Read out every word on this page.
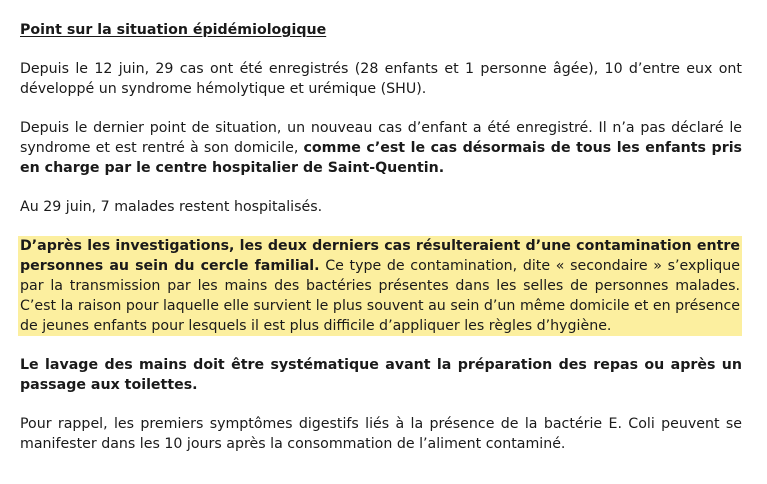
Point sur la situation épidémiologique

Depuis le 12 juin, 29 cas ont été enregistrés (28 enfants et 1 personne âgée), 10 d’entre eux ont développé un syndrome hémolytique et urémique (SHU).

Depuis le dernier point de situation, un nouveau cas d’enfant a été enregistré. Il n’a pas déclaré le syndrome et est rentré à son domicile, comme c’est le cas désormais de tous les enfants pris en charge par le centre hospitalier de Saint-Quentin.

Au 29 juin, 7 malades restent hospitalisés.

D’après les investigations, les deux derniers cas résulteraient d’une contamination entre personnes au sein du cercle familial. Ce type de contamination, dite « secondaire » s’explique par la transmission par les mains des bactéries présentes dans les selles de personnes malades. C’est la raison pour laquelle elle survient le plus souvent au sein d’un même domicile et en présence de jeunes enfants pour lesquels il est plus difficile d’appliquer les règles d’hygiène.

Le lavage des mains doit être systématique avant la préparation des repas ou après un passage aux toilettes.

Pour rappel, les premiers symptômes digestifs liés à la présence de la bactérie E. Coli peuvent se manifester dans les 10 jours après la consommation de l’aliment contaminé.
